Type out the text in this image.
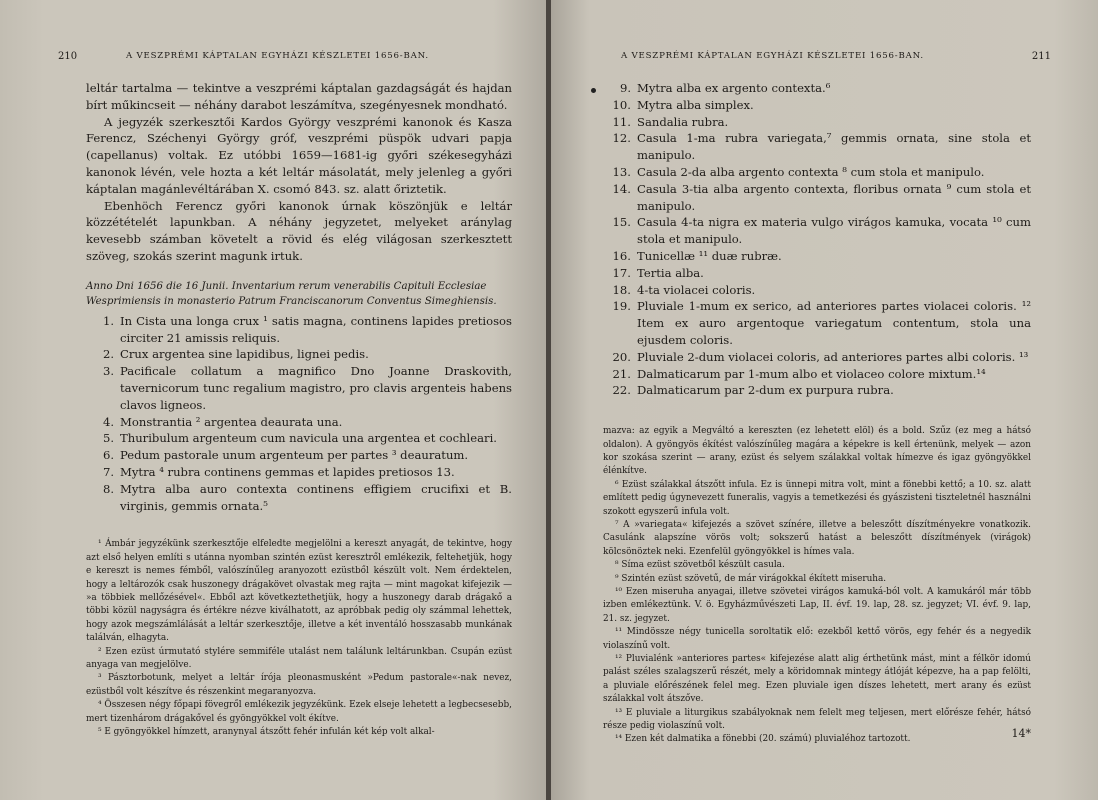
210	A VESZPRÉMI KÁPTALAN EGYHÁZI KÉSZLETEI 1656-BAN.

leltár tartalma — tekintve a veszprémi káptalan gazdagságát és hajdan bírt műkincseit — néhány darabot leszámítva, szegényesnek mondható.

A jegyzék szerkesztői Kardos György veszprémi kanonok és Kasza Ferencz, Széchenyi György gróf, veszprémi püspök udvari papja (capellanus) voltak. Ez utóbbi 1659—1681-ig győri székesegyházi kanonok lévén, vele hozta a két leltár másolatát, mely jelenleg a győri káptalan magánlevéltárában X. csomó 843. sz. alatt őriztetik.

Ebenhöch Ferencz győri kanonok úrnak köszönjük e leltár közzétételét lapunkban. A néhány jegyzetet, melyeket aránylag kevesebb számban követelt a rövid és elég világosan szerkesztett szöveg, szokás szerint magunk irtuk.

Anno Dni 1656 die 16 Junii. Inventarium rerum venerabilis Capituli Ecclesiae Wesprimiensis in monasterio Patrum Franciscanorum Conventus Simeghiensis.
1. In Cista una longa crux ¹ satis magna, continens lapides pretiosos circiter 21 amissis reliquis.
2. Crux argentea sine lapidibus, lignei pedis.
3. Pacificale collatum a magnifico Dno Joanne Draskovith, tavernicorum tunc regalium magistro, pro clavis argenteis habens clavos ligneos.
4. Monstrantia ² argentea deaurata una.
5. Thuribulum argenteum cum navicula una argentea et cochleari.
6. Pedum pastorale unum argenteum per partes ³ deauratum.
7. Mytra ⁴ rubra continens gemmas et lapides pretiosos 13.
8. Mytra alba auro contexta continens effigiem crucifixi et B. virginis, gemmis ornata.⁵

¹ Ámbár jegyzékünk szerkesztője elfeledte megjelölni a kereszt anyagát, de tekintve, hogy azt első helyen említi s utánna nyomban szintén ezüst keresztről emlékezik, feltehetjük, hogy e kereszt is nemes fémből, valószínűleg aranyozott ezüstből készült volt. Nem érdektelen, hogy a leltározók csak huszonegy drágakövet olvastak meg rajta — mint magokat kifejezik — »a többiek mellőzésével«. Ebből azt következtethetjük, hogy a huszonegy darab drágakő a többi közül nagyságra és értékre nézve kiválhatott, az apróbbak pedig oly számmal lehettek, hogy azok megszámlálását a leltár szerkesztője, illetve a két inventáló hosszasabb munkának találván, elhagyta.

² Ezen ezüst úrmutató stylére semmiféle utalást nem találunk leltárunkban. Csupán ezüst anyaga van megjelölve.

³ Pásztorbotunk, melyet a leltár írója pleonasmusként »Pedum pastorale«-nak nevez, ezüstből volt készítve és részenkint megaranyozva.

⁴ Összesen négy főpapi fövegről emlékezik jegyzékünk. Ezek elseje lehetett a legbecsesebb, mert tizenhárom drágakővel és gyöngyökkel volt ékítve.

⁵ E gyöngyökkel hímzett, aranynyal átszőtt fehér infulán két kép volt alkal-

A VESZPRÉMI KÁPTALAN EGYHÁZI KÉSZLETEI 1656-BAN.	211
9. Mytra alba ex argento contexta.⁶
10. Mytra alba simplex.
11. Sandalia rubra.
12. Casula 1-ma rubra variegata,⁷ gemmis ornata, sine stola et manipulo.
13. Casula 2-da alba argento contexta ⁸ cum stola et manipulo.
14. Casula 3-tia alba argento contexta, floribus ornata ⁹ cum stola et manipulo.
15. Casula 4-ta nigra ex materia vulgo virágos kamuka, vocata ¹⁰ cum stola et manipulo.
16. Tunicellæ ¹¹ duæ rubræ.
17. Tertia alba.
18. 4-ta violacei coloris.
19. Pluviale 1-mum ex serico, ad anteriores partes violacei coloris. ¹² Item ex auro argentoque variegatum contentum, stola una ejusdem coloris.
20. Pluviale 2-dum violacei coloris, ad anteriores partes albi coloris. ¹³
21. Dalmaticarum par 1-mum albo et violaceo colore mixtum.¹⁴
22. Dalmaticarum par 2-dum ex purpura rubra.

mazva: az egyik a Megváltó a kereszten (ez lehetett elöl) és a bold. Szűz (ez meg a hátsó oldalon). A gyöngyös ékítést valószínűleg magára a képekre is kell értenünk, melyek — azon kor szokása szerint — arany, ezüst és selyem szálakkal voltak hímezve és igaz gyöngyökkel élénkítve.

⁶ Ezüst szálakkal átszőtt infula. Ez is ünnepi mitra volt, mint a fönebbi kettő; a 10. sz. alatt említett pedig úgynevezett funeralis, vagyis a temetkezési és gyászisteni tiszteletnél használni szokott egyszerű infula volt.

⁷ A »variegata« kifejezés a szövet színére, illetve a beleszőtt díszítményekre vonatkozik. Casulánk alapszíne vörös volt; sokszerű hatást a beleszőtt díszítmények (virágok) kölcsönöztek neki. Ezenfelül gyöngyökkel is hímes vala.

⁸ Síma ezüst szövetből készült casula.

⁹ Szintén ezüst szövetű, de már virágokkal ékített miseruha.

¹⁰ Ezen miseruha anyagai, illetve szövetei virágos kamuká-ból volt. A kamukáról már több izben emlékeztünk. V. ö. Egyházművészeti Lap, II. évf. 19. lap, 28. sz. jegyzet; VI. évf. 9. lap, 21. sz. jegyzet.

¹¹ Mindössze négy tunicella soroltatik elő: ezekből kettő vörös, egy fehér és a negyedik violaszínű volt.

¹² Pluvialénk »anteriores partes« kifejezése alatt alig érthetünk mást, mint a félkör idomú palást széles szalagszerű részét, mely a köridomnak mintegy átlóját képezve, ha a pap felölti, a pluviale előrészének felel meg. Ezen pluviale igen díszes lehetett, mert arany és ezüst szálakkal volt átszőve.

¹³ E pluviale a liturgikus szabályoknak nem felelt meg teljesen, mert előrésze fehér, hátsó része pedig violaszínű volt.

¹⁴ Ezen két dalmatika a fönebbi (20. számú) pluvialéhoz tartozott.	14*
